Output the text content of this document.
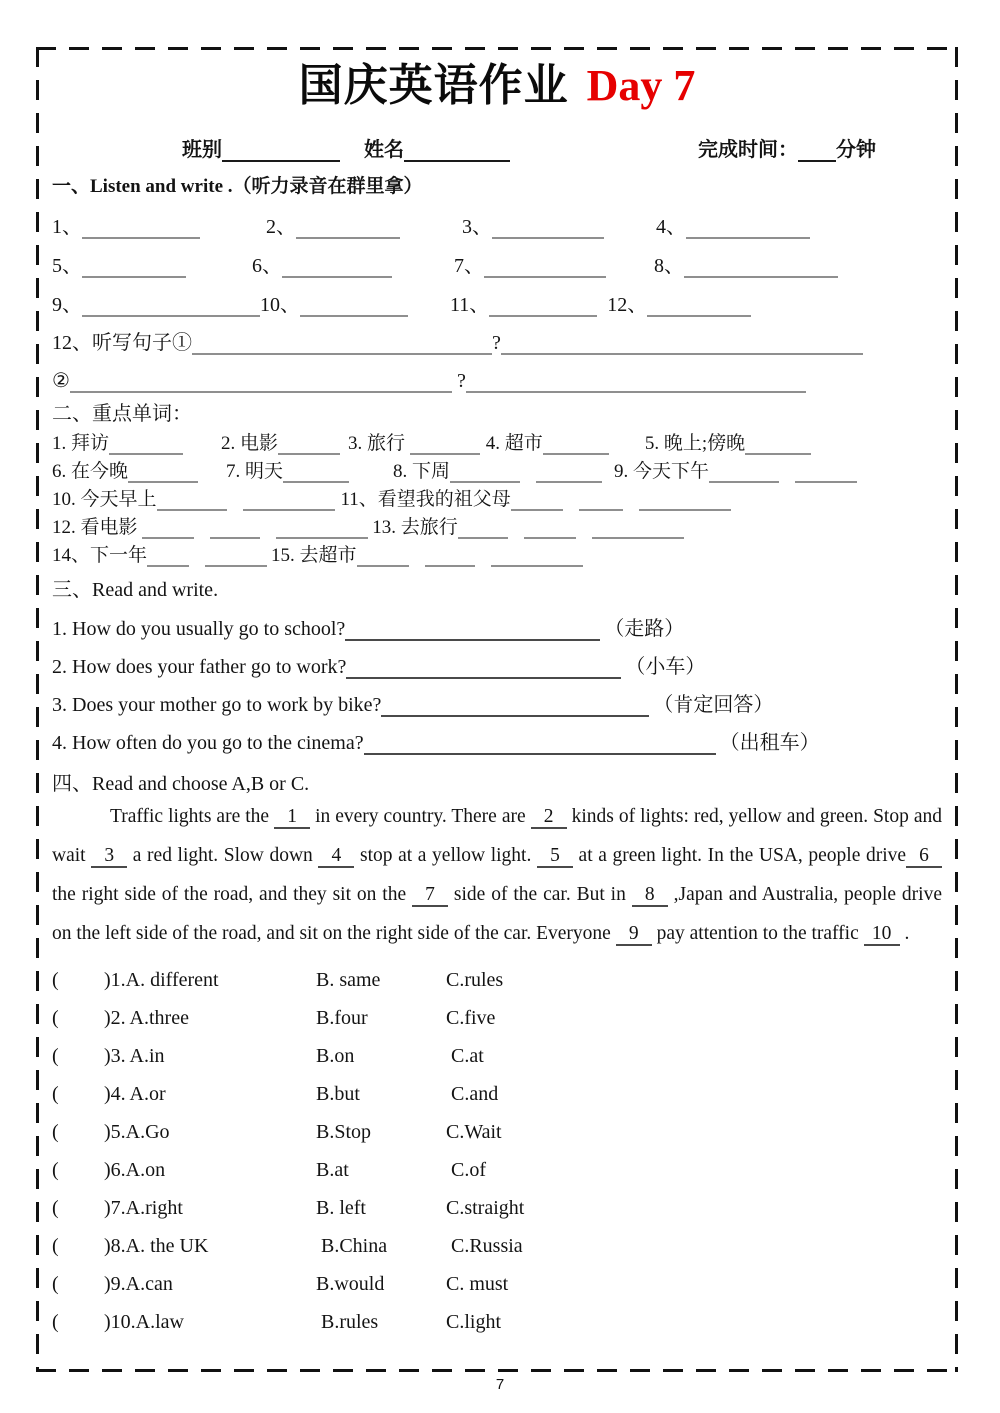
国庆英语作业 Day 7
班别	姓名	完成时间： 分钟
一、Listen and write .（听力录音在群里拿）
1、	2、	3、	4、
5、	6、	7、	8、
9、	10、	11、	12、
12、听写句子①	?
②	?
二、重点单词：
1. 拜访	2. 电影	3. 旅行	4. 超市	5. 晚上;傍晚
6. 在今晚	7. 明天	8. 下周	9. 今天下午
10. 今天早上	11、看望我的祖父母
12. 看电影	13. 去旅行
14、下一年	15. 去超市
三、Read and write.
1. How do you usually go to school?	（走路）
2. How does your father go to work?	（小车）
3. Does your mother go to work by bike?	（肯定回答）
4. How often do you go to the cinema?	（出租车）
四、Read and choose A,B or C.

Traffic lights are the 1 in every country. There are 2 kinds of lights: red, yellow and green. Stop and wait 3 a red light. Slow down 4 stop at a yellow light. 5 at a green light. In the USA, people drive 6 the right side of the road, and they sit on the 7 side of the car. But in 8 ,Japan and Australia, people drive on the left side of the road, and sit on the right side of the car. Everyone 9 pay attention to the traffic 10 .

(	)1.A. different	B. same	C.rules
(	)2. A.three	B.four	C.five
(	)3. A.in	B.on	C.at
(	)4. A.or	B.but	C.and
(	)5.A.Go	B.Stop	C.Wait
(	)6.A.on	B.at	C.of
(	)7.A.right	B. left	C.straight
(	)8.A. the UK	B.China	C.Russia
(	)9.A.can	B.would	C. must
(	)10.A.law	B.rules	C.light
7
